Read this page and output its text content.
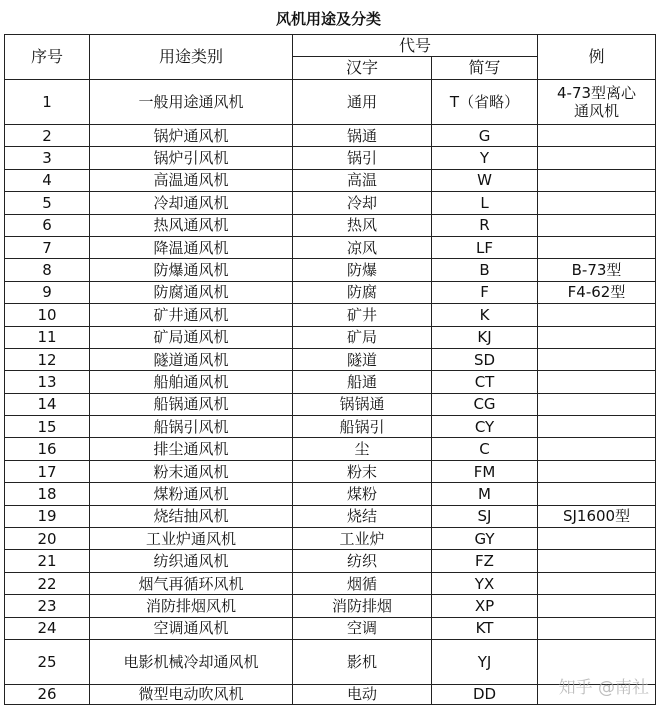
风机用途及分类
序号	用途类别	代号		例
		汉字	简写	
1	一般用途通风机	通用	T（省略）	4-73型离心通风机
2	锅炉通风机	锅通	G	
3	锅炉引风机	锅引	Y	
4	高温通风机	高温	W	
5	冷却通风机	冷却	L	
6	热风通风机	热风	R	
7	降温通风机	凉风	LF	
8	防爆通风机	防爆	B	B-73型
9	防腐通风机	防腐	F	F4-62型
10	矿井通风机	矿井	K	
11	矿局通风机	矿局	KJ	
12	隧道通风机	隧道	SD	
13	船舶通风机	船通	CT	
14	船锅通风机	锅锅通	CG	
15	船锅引风机	船锅引	CY	
16	排尘通风机	尘	C	
17	粉末通风机	粉末	FM	
18	煤粉通风机	煤粉	M	
19	烧结抽风机	烧结	SJ	SJ1600型
20	工业炉通风机	工业炉	GY	
21	纺织通风机	纺织	FZ	
22	烟气再循环风机	烟循	YX	
23	消防排烟风机	消防排烟	XP	
24	空调通风机	空调	KT	
25	电影机械冷却通风机	影机	YJ	
26	微型电动吹风机	电动	DD		知乎 @南社
